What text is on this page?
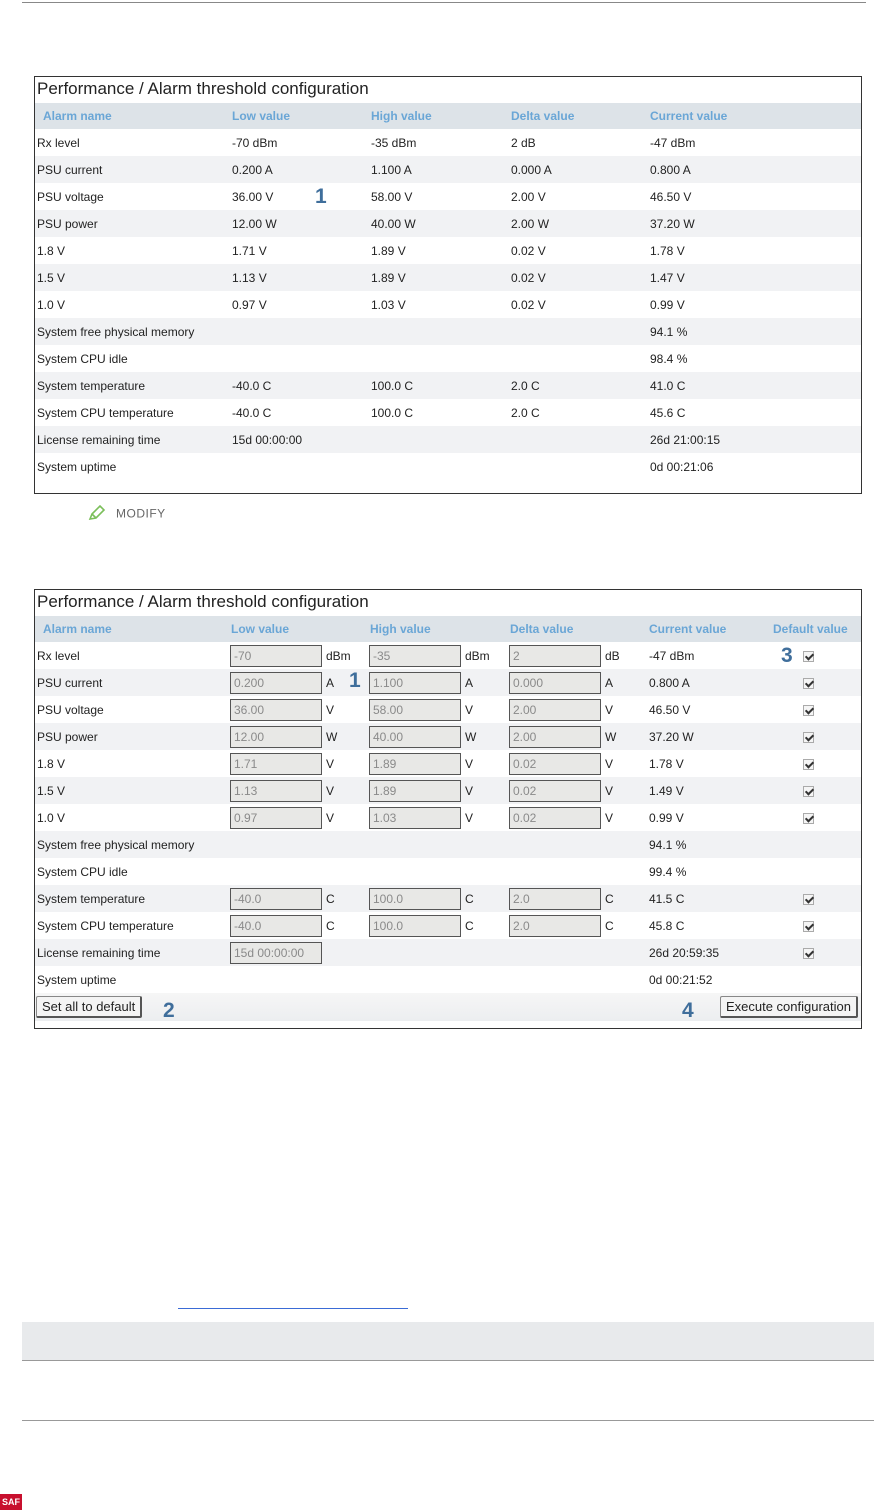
Performance / Alarm threshold configuration
Alarm name	Low value	High value	Delta value	Current value
Rx level	-70 dBm	-35 dBm	2 dB	-47 dBm
PSU current	0.200 A	1.100 A	0.000 A	0.800 A
PSU voltage	36.00 V	58.00 V	2.00 V	46.50 V
PSU power	12.00 W	40.00 W	2.00 W	37.20 W
1.8 V	1.71 V	1.89 V	0.02 V	1.78 V
1.5 V	1.13 V	1.89 V	0.02 V	1.47 V
1.0 V	0.97 V	1.03 V	0.02 V	0.99 V
System free physical memory				94.1 %
System CPU idle				98.4 %
System temperature	-40.0 C	100.0 C	2.0 C	41.0 C
System CPU temperature	-40.0 C	100.0 C	2.0 C	45.6 C
License remaining time	15d 00:00:00			26d 21:00:15
System uptime				0d 00:21:06
1
MODIFY
Performance / Alarm threshold configuration
Alarm name	Low value	High value	Delta value	Current value	Default value
Rx level	-70 dBm	-35 dBm	2 dB	-47 dBm	
PSU current	0.200 A	1.100 A	0.000 A	0.800 A	
PSU voltage	36.00 V	58.00 V	2.00 V	46.50 V	
PSU power	12.00 W	40.00 W	2.00 W	37.20 W	
1.8 V	1.71 V	1.89 V	0.02 V	1.78 V	
1.5 V	1.13 V	1.89 V	0.02 V	1.49 V	
1.0 V	0.97 V	1.03 V	0.02 V	0.99 V	
System free physical memory				94.1 %	
System CPU idle				99.4 %	
System temperature	-40.0 C	100.0 C	2.0 C	41.5 C	
System CPU temperature	-40.0 C	100.0 C	2.0 C	45.8 C	
License remaining time	15d 00:00:00			26d 20:59:35	
System uptime				0d 00:21:52	
Set all to default	Execute configuration
1
2
3
4
SAF
